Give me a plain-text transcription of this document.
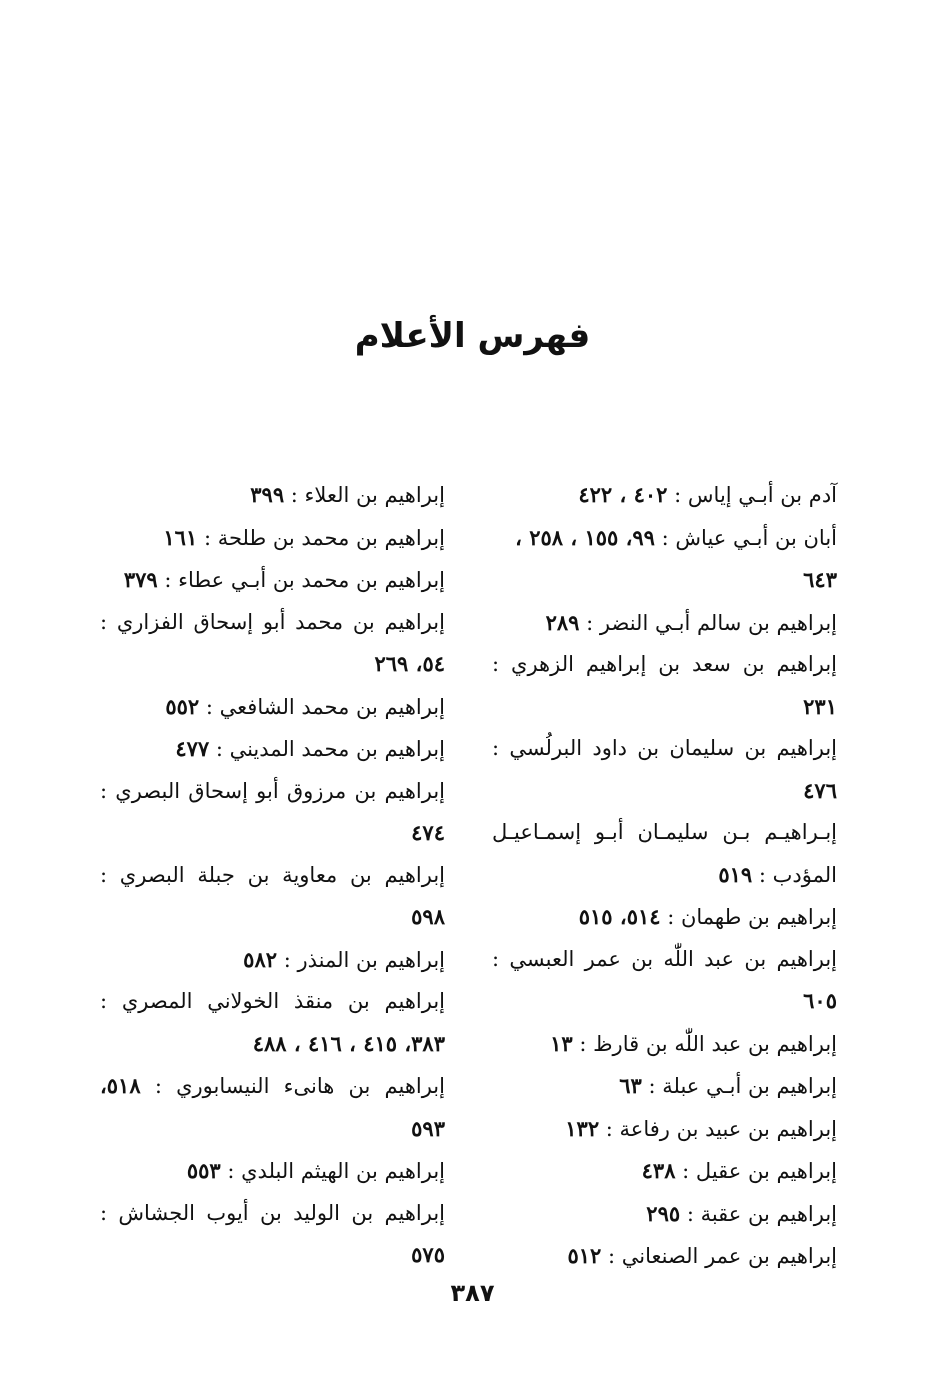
فهرس الأعلام

آدم بن أبـي إياس : ٤٠٢ ، ٤٢٢

أبان بن أبـي عياش : ٩٩، ١٥٥ ، ٢٥٨ ، ٦٤٣

إبراهيم بن سالم أبـي النضر : ٢٨٩

إبراهيم بن سعد بن إبراهيم الزهري : ٢٣١

إبراهيم بن سليمان بن داود البرلُسي : ٤٧٦

إبـراهيـم بـن سليمـان أبـو إسمـاعيـل المؤدب : ٥١٩

إبراهيم بن طهمان : ٥١٤، ٥١٥

إبراهيم بن عبد اللّٰه بن عمر العبسي : ٦٠٥

إبراهيم بن عبد اللّٰه بن قارظ : ١٣

إبراهيم بن أبـي عبلة : ٦٣

إبراهيم بن عبيد بن رفاعة : ١٣٢

إبراهيم بن عقيل : ٤٣٨

إبراهيم بن عقبة : ٢٩٥

إبراهيم بن عمر الصنعاني : ٥١٢

إبراهيم بن العلاء : ٣٩٩

إبراهيم بن محمد بن طلحة : ١٦١

إبراهيم بن محمد بن أبـي عطاء : ٣٧٩

إبراهيم بن محمد أبو إسحاق الفزاري : ٥٤، ٢٦٩

إبراهيم بن محمد الشافعي : ٥٥٢

إبراهيم بن محمد المديني : ٤٧٧

إبراهيم بن مرزوق أبو إسحاق البصري : ٤٧٤

إبراهيم بن معاوية بن جبلة البصري : ٥٩٨

إبراهيم بن المنذر : ٥٨٢

إبراهيم بن منقذ الخولاني المصري : ٣٨٣، ٤١٥ ، ٤١٦ ، ٤٨٨

إبراهيم بن هانىء النيسابوري : ٥١٨، ٥٩٣

إبراهيم بن الهيثم البلدي : ٥٥٣

إبراهيم بن الوليد بن أيوب الجشاش : ٥٧٥

٣٨٧
